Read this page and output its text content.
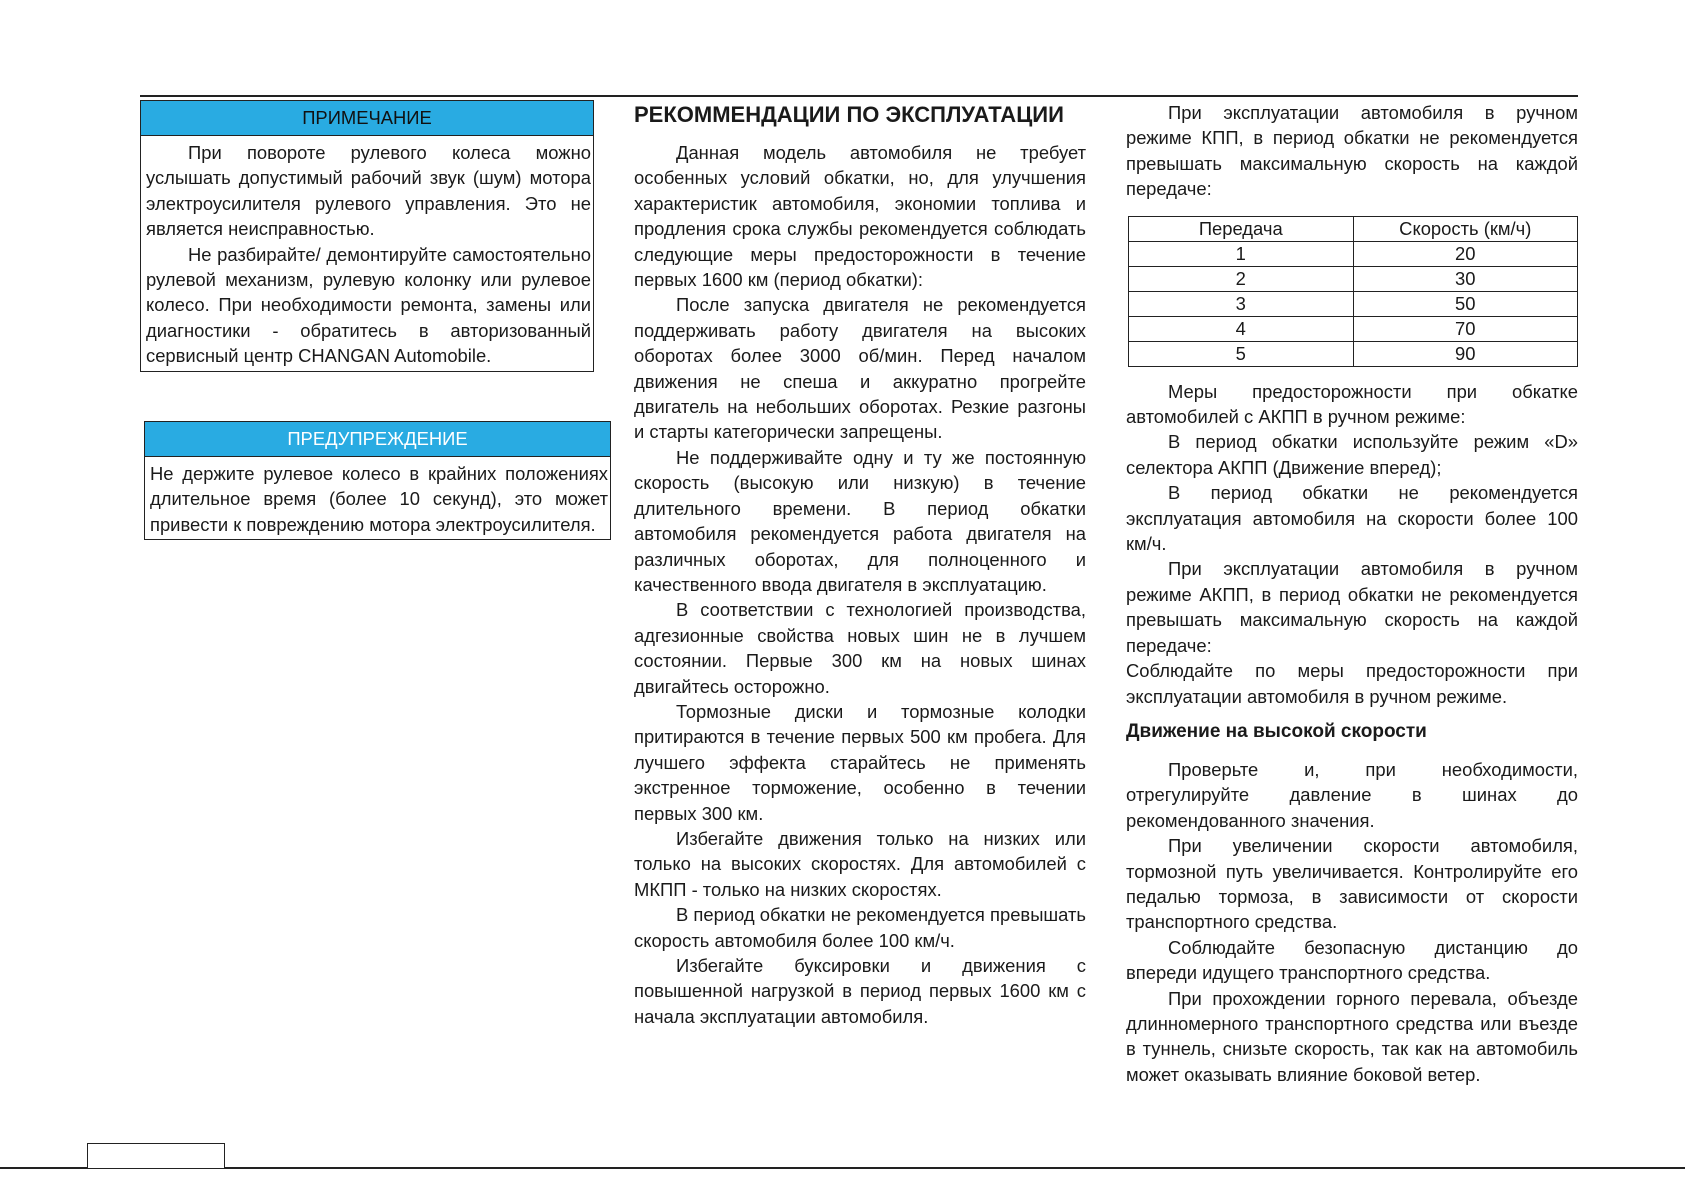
ПРИМЕЧАНИЕ

При повороте рулевого колеса можно услышать допустимый рабочий звук (шум) мотора электроусилителя рулевого управления. Это не является неисправностью.

Не разбирайте/ демонтируйте самостоятельно рулевой механизм, рулевую колонку или рулевое колесо. При необходимости ремонта, замены или диагностики - обратитесь в авторизованный сервисный центр CHANGAN Automobile.

ПРЕДУПРЕЖДЕНИЕ

Не держите рулевое колесо в крайних положениях длительное время (более 10 секунд), это может привести к повреждению мотора электроусилителя.

РЕКОММЕНДАЦИИ ПО ЭКСПЛУАТАЦИИ

Данная модель автомобиля не требует особенных условий обкатки, но, для улучшения характеристик автомобиля, экономии топлива и продления срока службы рекомендуется соблюдать следующие меры предосторожности в течение первых 1600 км (период обкатки):

После запуска двигателя не рекомендуется поддерживать работу двигателя на высоких оборотах более 3000 об/мин. Перед началом движения не спеша и аккуратно прогрейте двигатель на небольших оборотах. Резкие разгоны и старты категорически запрещены.

Не поддерживайте одну и ту же постоянную скорость (высокую или низкую) в течение длительного времени. В период обкатки автомобиля рекомендуется работа двигателя на различных оборотах, для полноценного и качественного ввода двигателя в эксплуатацию.

В соответствии с технологией производства, адгезионные свойства новых шин не в лучшем состоянии. Первые 300 км на новых шинах двигайтесь осторожно.

Тормозные диски и тормозные колодки притираются в течение первых 500 км пробега. Для лучшего эффекта старайтесь не применять экстренное торможение, особенно в течении первых 300 км.

Избегайте движения только на низких или только на высоких скоростях. Для автомобилей с МКПП - только на низких скоростях.

В период обкатки не рекомендуется превышать скорость автомобиля более 100 км/ч.

Избегайте буксировки и движения с повышенной нагрузкой в период первых 1600 км с начала эксплуатации автомобиля.

При эксплуатации автомобиля в ручном режиме КПП, в период обкатки не рекомендуется превышать максимальную скорость на каждой передаче:

Передача	Скорость (км/ч)
1	20
2	30
3	50
4	70
5	90

Меры предосторожности при обкатке автомобилей с АКПП в ручном режиме:

В период обкатки используйте режим «D» селектора АКПП (Движение вперед);

В период обкатки не рекомендуется эксплуатация автомобиля на скорости более 100 км/ч.

При эксплуатации автомобиля в ручном режиме АКПП, в период обкатки не рекомендуется превышать максимальную скорость на каждой передаче:

Соблюдайте по меры предосторожности при эксплуатации автомобиля в ручном режиме.

Движение на высокой скорости

Проверьте и, при необходимости, отрегулируйте давление в шинах до рекомендованного значения.

При увеличении скорости автомобиля, тормозной путь увеличивается. Контролируйте его педалью тормоза, в зависимости от скорости транспортного средства.

Соблюдайте безопасную дистанцию до впереди идущего транспортного средства.

При прохождении горного перевала, объезде длинномерного транспортного средства или въезде в туннель, снизьте скорость, так как на автомобиль может оказывать влияние боковой ветер.
